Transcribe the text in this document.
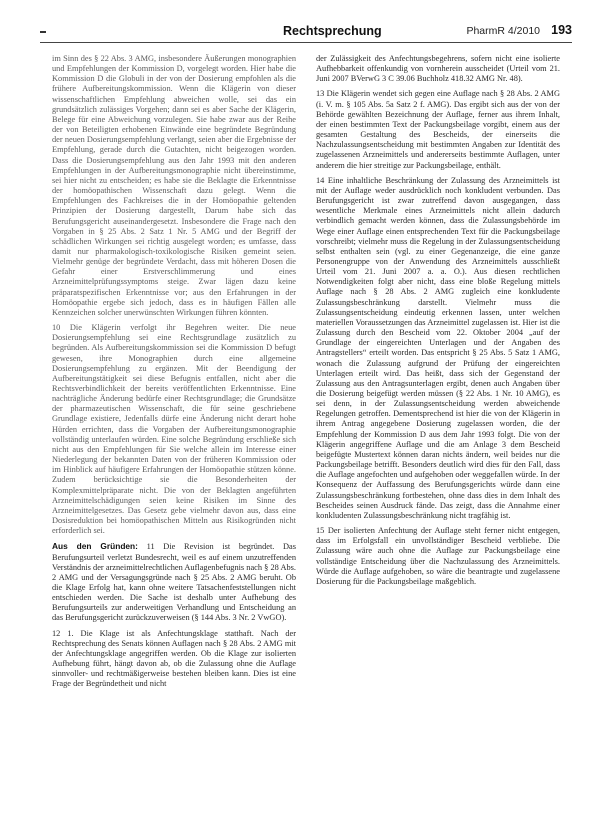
Rechtsprechung	PharmR 4/2010 193

im Sinn des § 22 Abs. 3 AMG, insbesondere Äußerungen monographien und Empfehlungen der Kommission D, vorgelegt worden. Hier habe die Kommission D die Globuli in der von der Dosierung empfohlen als die frühere Aufbereitungskommission. Wenn die Klägerin von dieser wissenschaftlichen Empfehlung abweichen wolle, sei das ein grundsätzlich zulässiges Vorgehen; dann sei es aber Sache der Klägerin, Belege für eine Abweichung vorzulegen. Sie habe zwar aus der Reihe der von Beteiligten erhobenen Einwände eine begründete Begründung der neuen Dosierungsempfehlung verlangt, seien aber die Ergebnisse der Empfehlung, gerade durch die Gutachten, nicht beigezogen worden. Dass die Dosierungsempfehlung aus den Jahr 1993 mit den anderen Empfehlungen in der Aufbereitungsmonographie nicht übereinstimme, sei hier nicht zu entscheiden; es habe sie die Beklagte die Erkenntnisse der homöopathischen Wissenschaft dazu gelegt. Wenn die Empfehlungen des Fachkreises die in der Homöopathie geltenden Prinzipien der Dosierung dargestellt, Darum habe sich das Berufungsgericht auseinandergesetzt. Insbesondere die Frage nach den Vorgaben in § 25 Abs. 2 Satz 1 Nr. 5 AMG und der Begriff der schädlichen Wirkungen sei richtig ausgelegt worden; es umfasse, dass damit nur pharmakologisch-toxikologische Risiken gemeint seien. Vielmehr genüge der begründete Verdacht, dass mit höheren Dosen die Gefahr einer Erstverschlimmerung und eines Arzneimittelprüfungssymptoms steige. Zwar lägen dazu keine präparatspezifischen Erkenntnisse vor; aus den Erfahrungen in der Homöopathie ergebe sich jedoch, dass es in häufigen Fällen alle Kennzeichen solcher unerwünschten Wirkungen führen könnten.

10 Die Klägerin verfolgt ihr Begehren weiter. Die neue Dosierungsempfehlung sei eine Rechtsgrundlage zusätzlich zu begründen. Als Aufbereitungskommission sei die Kommission D befugt gewesen, ihre Monographien durch eine allgemeine Dosierungsempfehlung zu ergänzen. Mit der Beendigung der Aufbereitungstätigkeit sei diese Befugnis entfallen, nicht aber die Rechtsverbindlichkeit der bereits veröffentlichten Erkenntnisse. Eine nachträgliche Änderung bedürfe einer Rechtsgrundlage; die Grundsätze der pharmazeutischen Wissenschaft, die für seine geschriebene Grundlage existiere, Jedenfalls dürfe eine Änderung nicht derart hohe Hürden errichten, dass die Vorgaben der Aufbereitungsmonographie vollständig unterlaufen würden. Eine solche Begründung erschließe sich nicht aus den Empfehlungen für Sie welche allein im Interesse einer Niederlegung der bekannten Daten von der früheren Kommission oder im Hinblick auf häufigere Erfahrungen der Homöopathie stützen könne. Zudem berücksichtige sie die Besonderheiten der Komplexmittelpräparate nicht. Die von der Beklagten angeführten Arzneimittelschädigungen seien keine Risiken im Sinne des Arzneimittelgesetzes. Das Gesetz gebe vielmehr davon aus, dass eine Dosisreduktion bei homöopathischen Mitteln aus Risikogründen nicht erforderlich sei.

Aus den Gründen: 11 Die Revision ist begründet. Das Berufungsurteil verletzt Bundesrecht, weil es auf einem unzutreffenden Verständnis der arzneimittelrechtlichen Auflagenbefugnis nach § 28 Abs. 2 AMG und der Versagungsgründe nach § 25 Abs. 2 AMG beruht. Ob die Klage Erfolg hat, kann ohne weitere Tatsachenfeststellungen nicht entschieden werden. Die Sache ist deshalb unter Aufhebung des Berufungsurteils zur anderweitigen Verhandlung und Entscheidung an das Berufungsgericht zurückzuverweisen (§ 144 Abs. 3 Nr. 2 VwGO).

12 1. Die Klage ist als Anfechtungsklage statthaft. Nach der Rechtsprechung des Senats können Auflagen nach § 28 Abs. 2 AMG mit der Anfechtungsklage angegriffen werden. Ob die Klage zur isolierten Aufhebung führt, hängt davon ab, ob die Zulassung ohne die Auflage sinnvoller- und rechtmäßigerweise bestehen bleiben kann. Dies ist eine Frage der Begründetheit und nicht

der Zulässigkeit des Anfechtungsbegehrens, sofern nicht eine isolierte Aufhebbarkeit offenkundig von vornherein ausscheidet (Urteil vom 21. Juni 2007 BVerwG 3 C 39.06 Buchholz 418.32 AMG Nr. 48).

13 Die Klägerin wendet sich gegen eine Auflage nach § 28 Abs. 2 AMG (i. V. m. § 105 Abs. 5a Satz 2 f. AMG). Das ergibt sich aus der von der Behörde gewählten Bezeichnung der Auflage, ferner aus ihrem Inhalt, der einen bestimmten Text der Packungsbeilage vorgibt, einem aus der gesamten Gestaltung des Bescheids, der einerseits die Nachzulassungsentscheidung mit bestimmten Angaben zur Identität des zugelassenen Arzneimittels und andererseits bestimmte Auflagen, unter anderem die hier streitige zur Packungsbeilage, enthält.

14 Eine inhaltliche Beschränkung der Zulassung des Arzneimittels ist mit der Auflage weder ausdrücklich noch konkludent verbunden. Das Berufungsgericht ist zwar zutreffend davon ausgegangen, dass wesentliche Merkmale eines Arzneimittels nicht allein dadurch verbindlich gemacht werden können, dass die Zulassungsbehörde im Wege einer Auflage einen entsprechenden Text für die Packungsbeilage vorschreibt; vielmehr muss die Regelung in der Zulassungsentscheidung selbst enthalten sein (vgl. zu einer Gegenanzeige, die eine ganze Personengruppe von der Anwendung des Arzneimittels ausschließt Urteil vom 21. Juni 2007 a. a. O.). Aus diesen rechtlichen Notwendigkeiten folgt aber nicht, dass eine bloße Regelung mittels Auflage nach § 28 Abs. 2 AMG zugleich eine konkludente Zulassungsbeschränkung darstellt. Vielmehr muss die Zulassungsentscheidung eindeutig erkennen lassen, unter welchen materiellen Voraussetzungen das Arzneimittel zugelassen ist. Hier ist die Zulassung durch den Bescheid vom 22. Oktober 2004 „auf der Grundlage der eingereichten Unterlagen und der Angaben des Antragstellers“ erteilt worden. Das entspricht § 25 Abs. 5 Satz 1 AMG, wonach die Zulassung aufgrund der Prüfung der eingereichten Unterlagen erteilt wird. Das heißt, dass sich der Gegenstand der Zulassung aus den Antragsunterlagen ergibt, denen auch Angaben über die Dosierung beigefügt werden müssen (§ 22 Abs. 1 Nr. 10 AMG), es sei denn, in der Zulassungsentscheidung werden abweichende Regelungen getroffen. Dementsprechend ist hier die von der Klägerin in ihrem Antrag angegebene Dosierung zugelassen worden, die der Empfehlung der Kommission D aus dem Jahr 1993 folgt. Die von der Klägerin angegriffene Auflage und die am Anlage 3 dem Bescheid beigefügte Mustertext können daran nichts ändern, weil beides nur die Packungsbeilage betrifft. Besonders deutlich wird dies für den Fall, dass die Auflage angefochten und aufgehoben oder weggefallen würde. In der Konsequenz der Auffassung des Berufungsgerichts würde dann eine Zulassungsbeschränkung fortbestehen, ohne dass dies in dem Inhalt des Bescheides seinen Ausdruck fände. Das zeigt, dass die Annahme einer konkludenten Zulassungsbeschränkung nicht tragfähig ist.

15 Der isolierten Anfechtung der Auflage steht ferner nicht entgegen, dass im Erfolgsfall ein unvollständiger Bescheid verbliebe. Die Zulassung wäre auch ohne die Auflage zur Packungsbeilage eine vollständige Entscheidung über die Nachzulassung des Arzneimittels. Würde die Auflage aufgehoben, so wäre die beantragte und zugelassene Dosierung für die Packungsbeilage maßgeblich.
